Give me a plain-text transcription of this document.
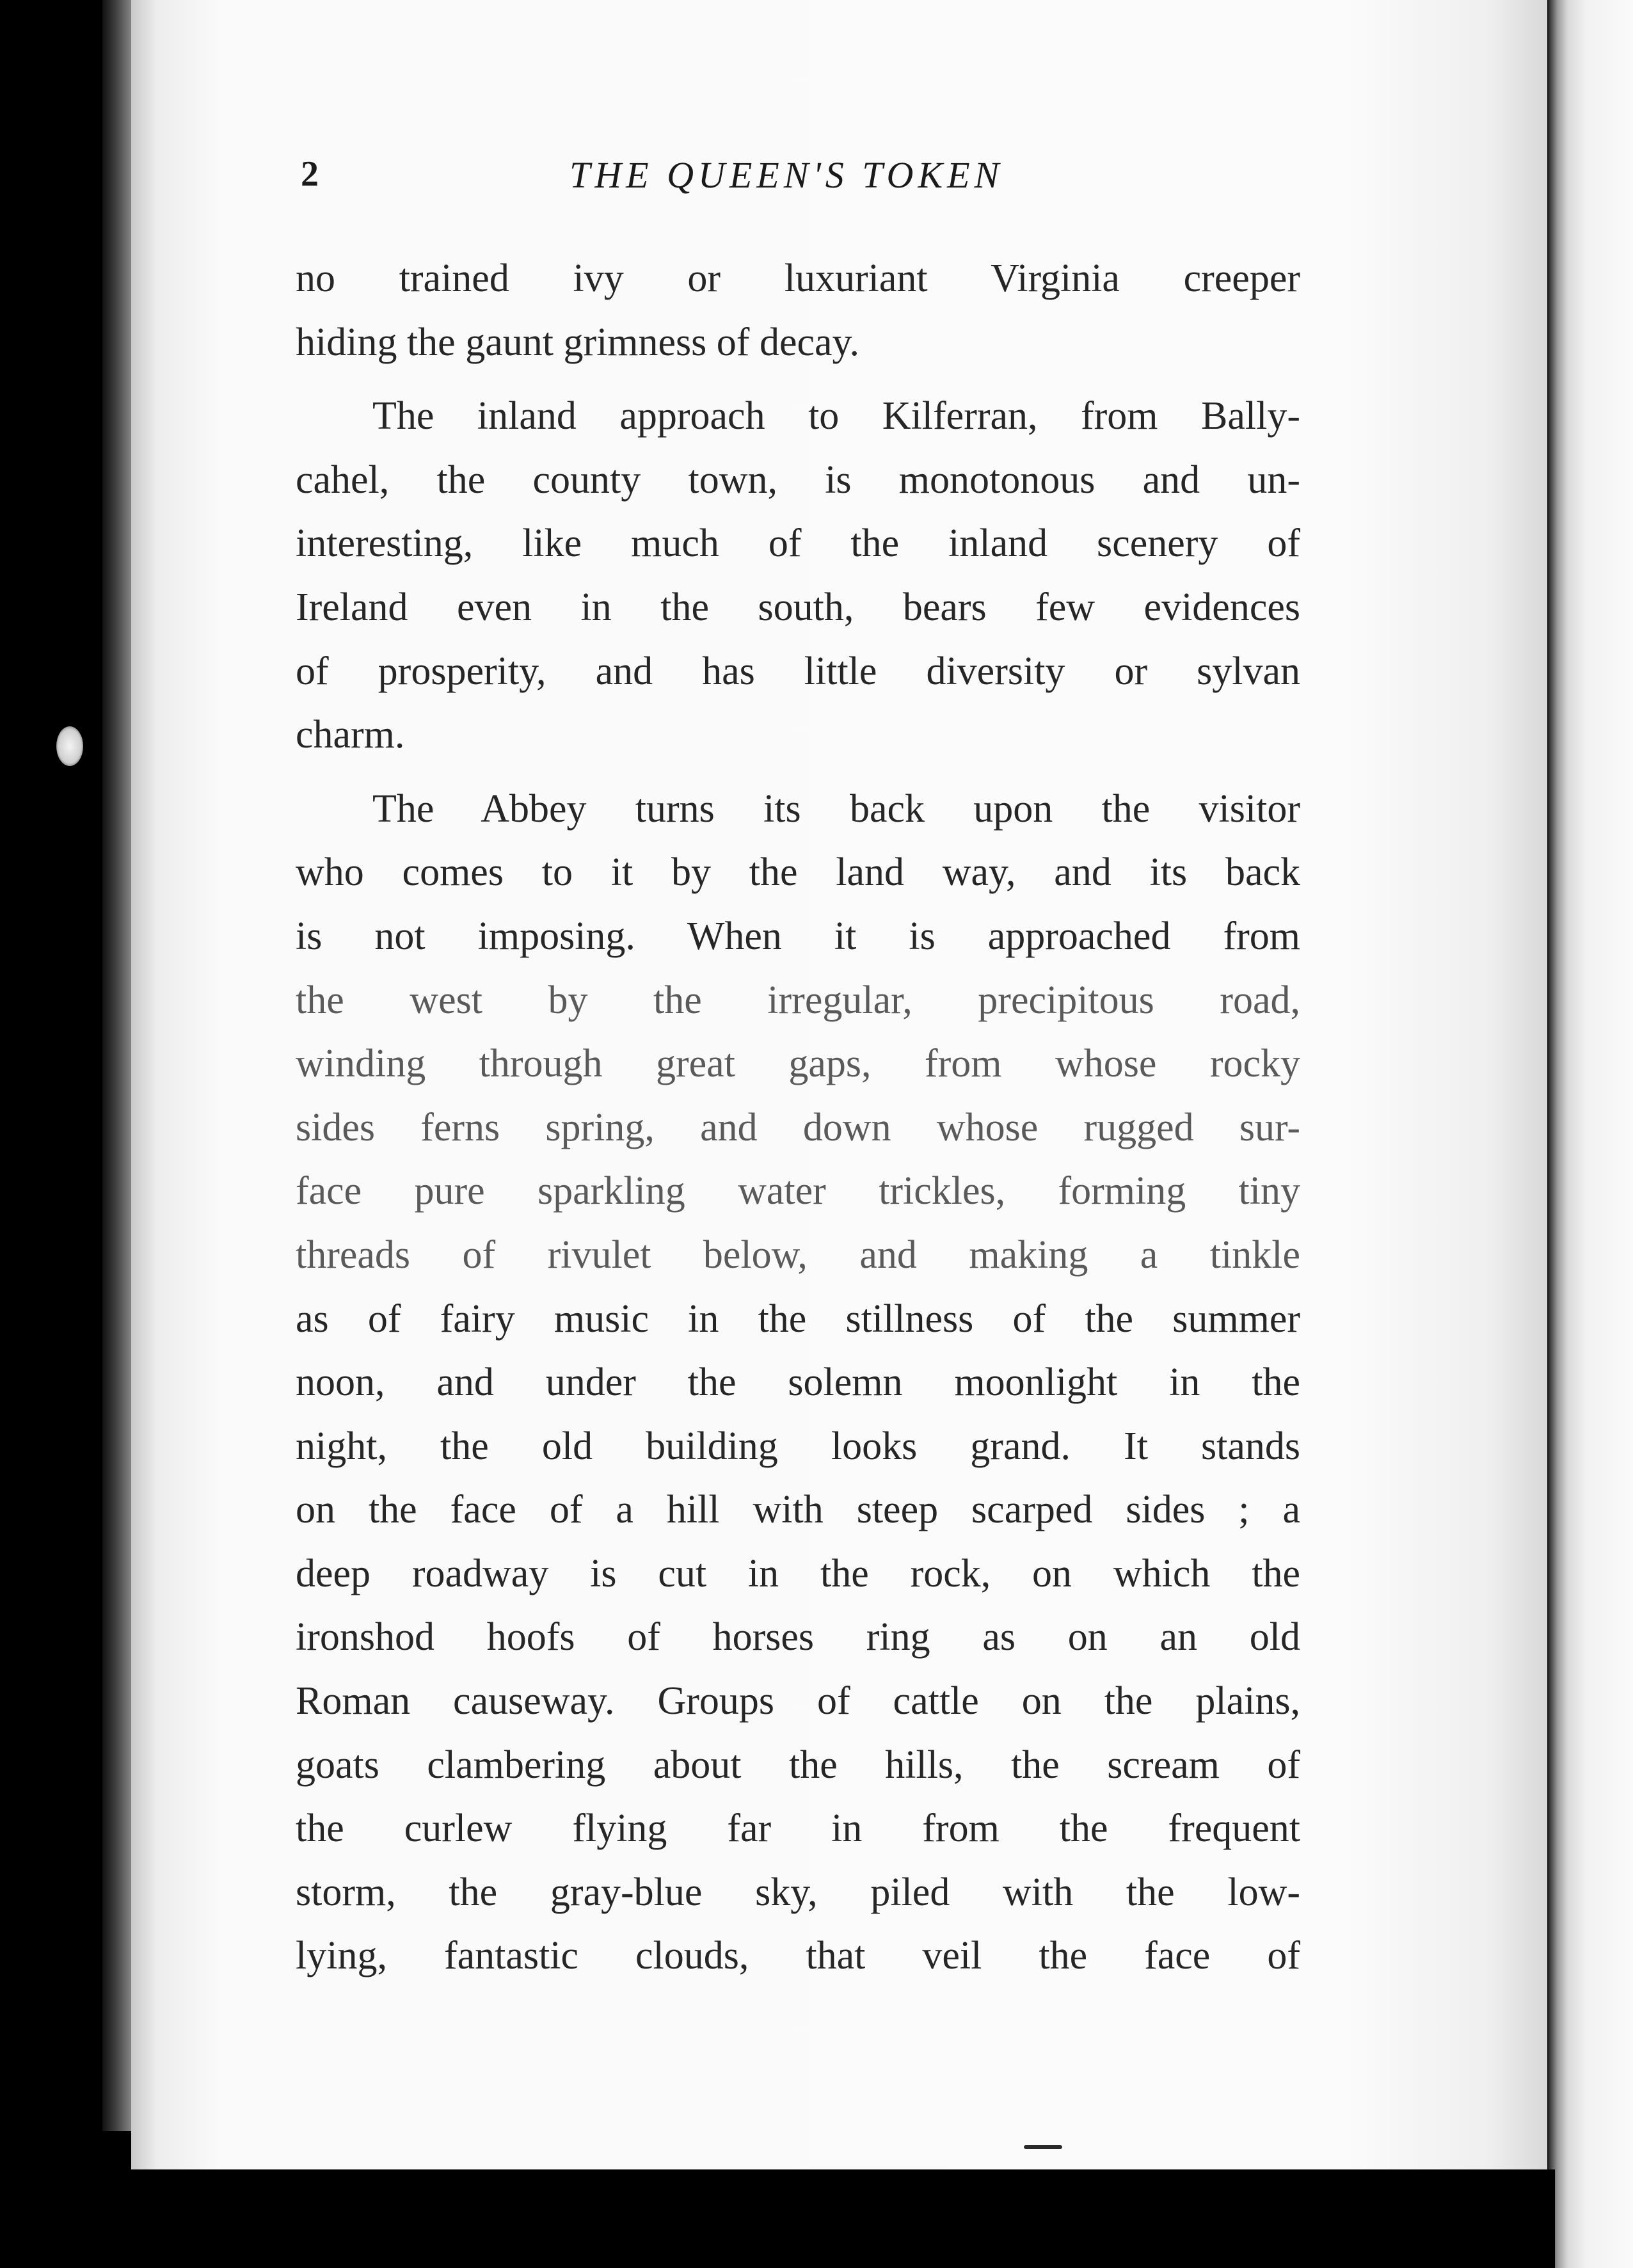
2	THE QUEEN'S TOKEN
no trained ivy or luxuriant Virginia creeper
hiding the gaunt grimness of decay.
The inland approach to Kilferran, from Bally-
cahel, the county town, is monotonous and un-
interesting, like much of the inland scenery of
Ireland even in the south, bears few evidences
of prosperity, and has little diversity or sylvan
charm.
The Abbey turns its back upon the visitor
who comes to it by the land way, and its back
is not imposing. When it is approached from
the west by the irregular, precipitous road,
winding through great gaps, from whose rocky
sides ferns spring, and down whose rugged sur-
face pure sparkling water trickles, forming tiny
threads of rivulet below, and making a tinkle
as of fairy music in the stillness of the summer
noon, and under the solemn moonlight in the
night, the old building looks grand. It stands
on the face of a hill with steep scarped sides ; a
deep roadway is cut in the rock, on which the
ironshod hoofs of horses ring as on an old
Roman causeway. Groups of cattle on the plains,
goats clambering about the hills, the scream of
the curlew flying far in from the frequent
storm, the gray-blue sky, piled with the low-
lying, fantastic clouds, that veil the face of
